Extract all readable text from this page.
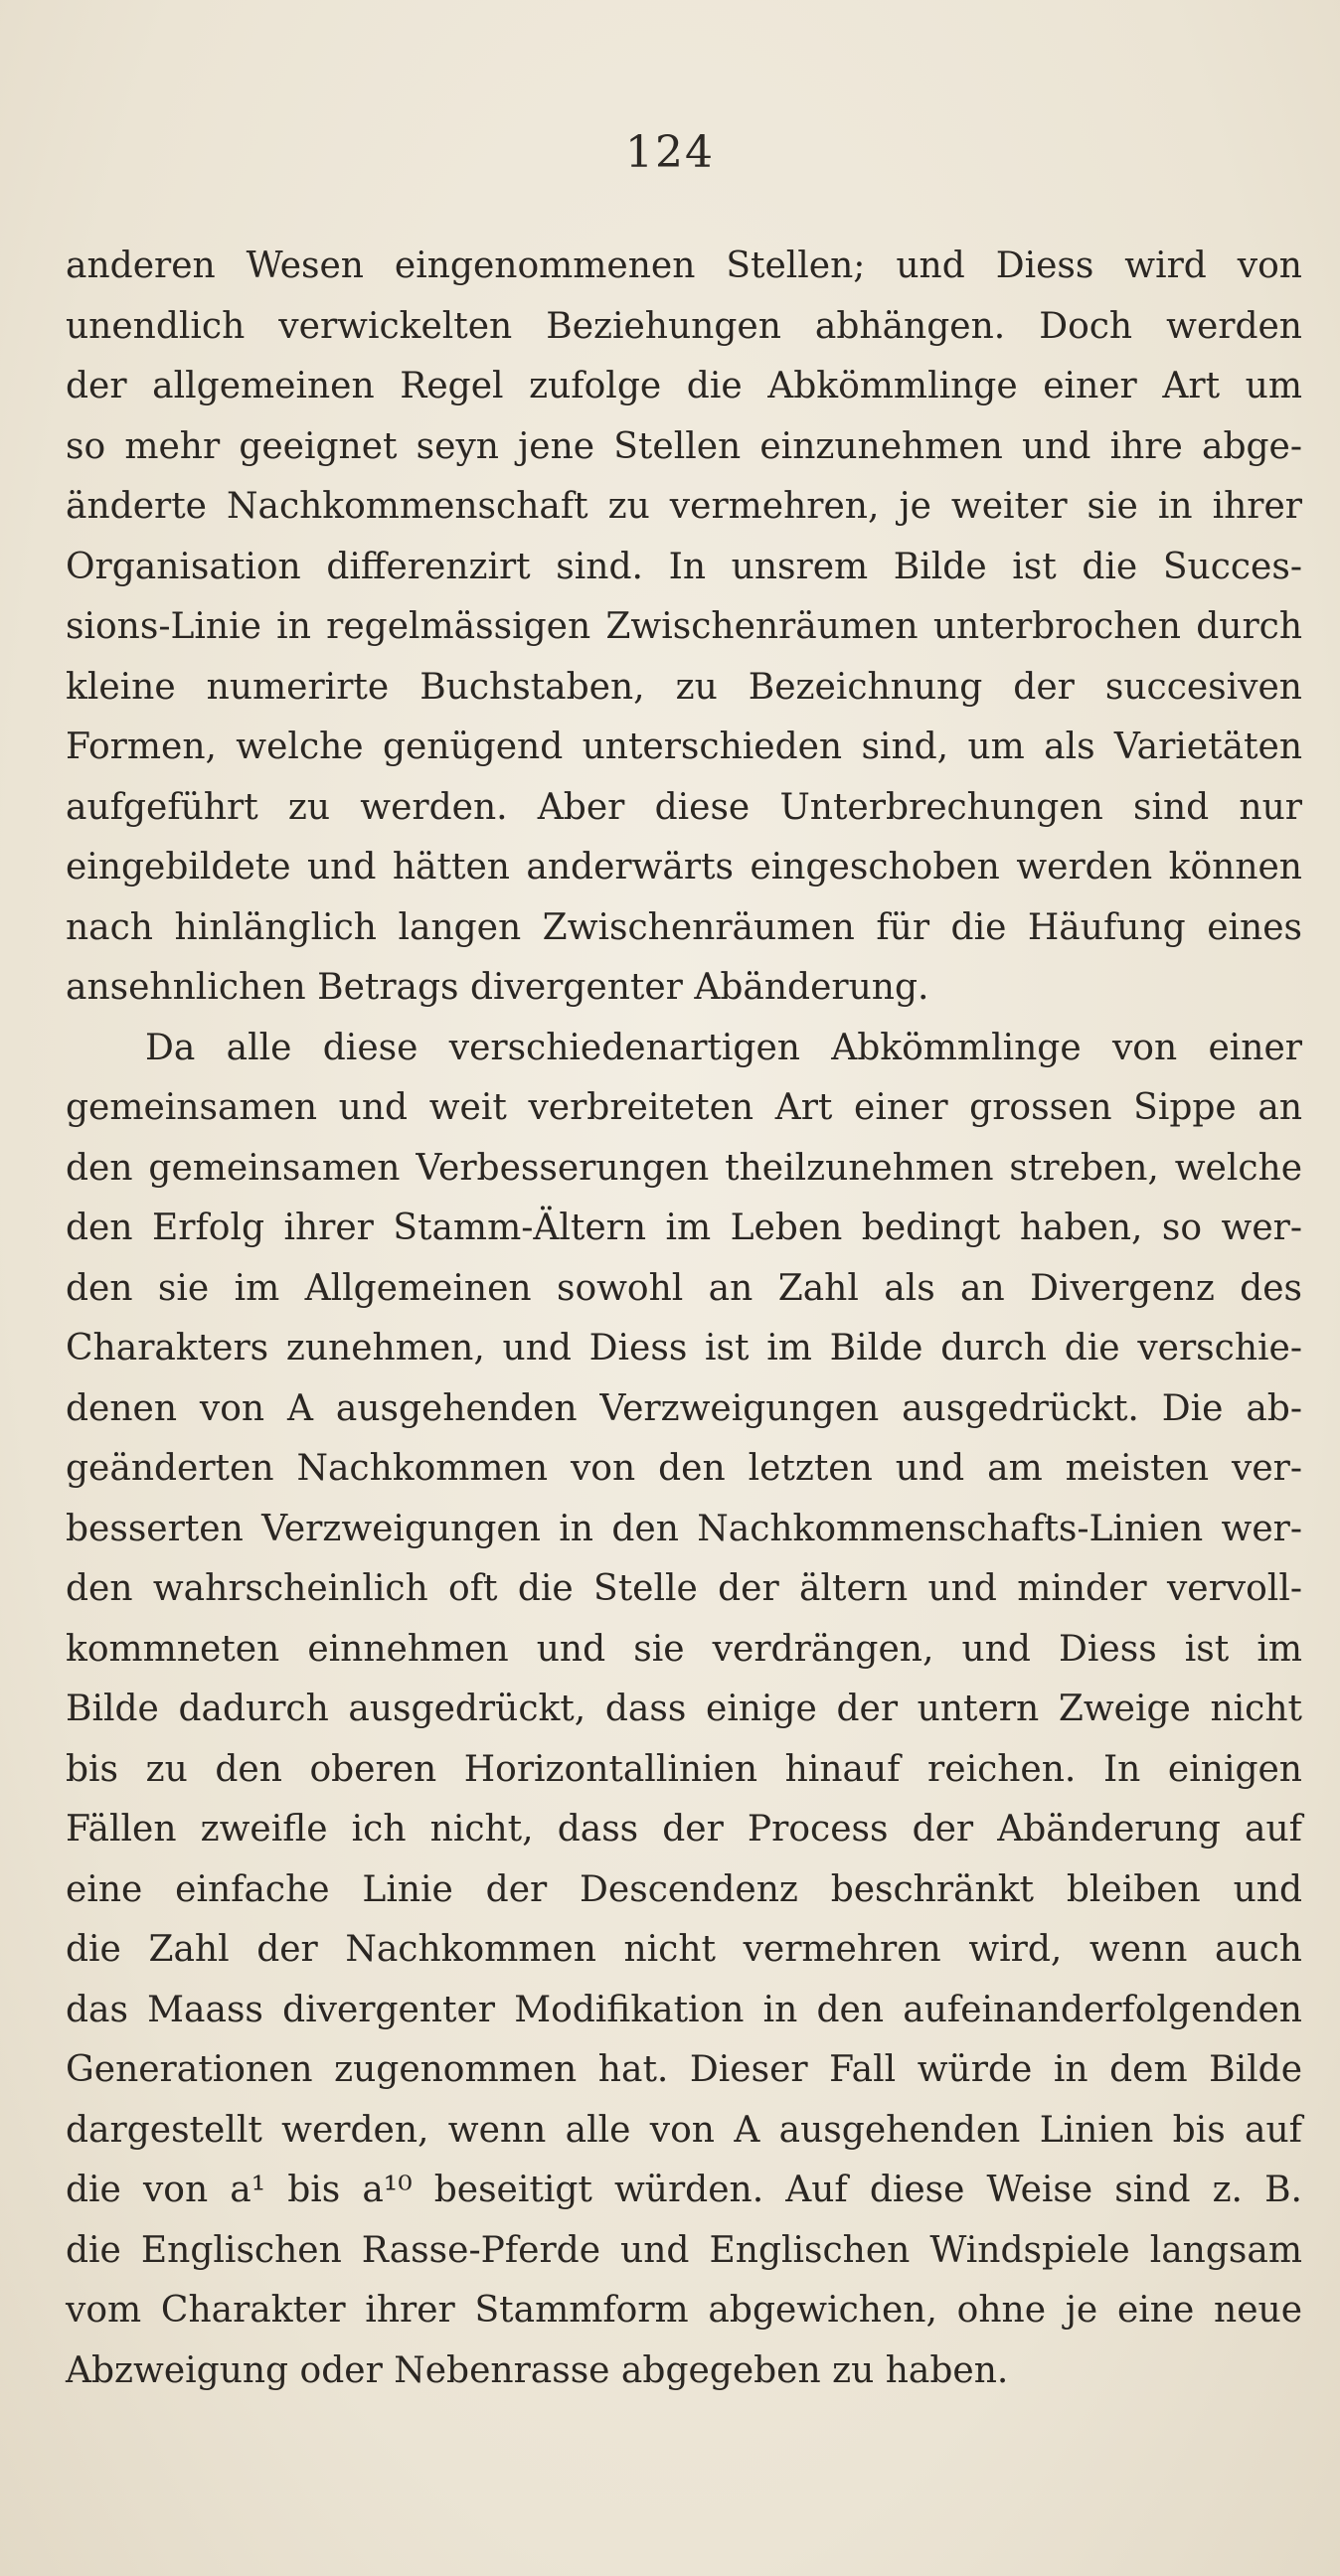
124
anderen Wesen eingenommenen Stellen; und Diess wird von
unendlich verwickelten Beziehungen abhängen. Doch werden
der allgemeinen Regel zufolge die Abkömmlinge einer Art um
so mehr geeignet seyn jene Stellen einzunehmen und ihre abge-
änderte Nachkommenschaft zu vermehren, je weiter sie in ihrer
Organisation differenzirt sind. In unsrem Bilde ist die Succes-
sions-Linie in regelmässigen Zwischenräumen unterbrochen durch
kleine numerirte Buchstaben, zu Bezeichnung der succesiven
Formen, welche genügend unterschieden sind, um als Varietäten
aufgeführt zu werden. Aber diese Unterbrechungen sind nur
eingebildete und hätten anderwärts eingeschoben werden können
nach hinlänglich langen Zwischenräumen für die Häufung eines
ansehnlichen Betrags divergenter Abänderung.
Da alle diese verschiedenartigen Abkömmlinge von einer
gemeinsamen und weit verbreiteten Art einer grossen Sippe an
den gemeinsamen Verbesserungen theilzunehmen streben, welche
den Erfolg ihrer Stamm-Ältern im Leben bedingt haben, so wer-
den sie im Allgemeinen sowohl an Zahl als an Divergenz des
Charakters zunehmen, und Diess ist im Bilde durch die verschie-
denen von A ausgehenden Verzweigungen ausgedrückt. Die ab-
geänderten Nachkommen von den letzten und am meisten ver-
besserten Verzweigungen in den Nachkommenschafts-Linien wer-
den wahrscheinlich oft die Stelle der ältern und minder vervoll-
kommneten einnehmen und sie verdrängen, und Diess ist im
Bilde dadurch ausgedrückt, dass einige der untern Zweige nicht
bis zu den oberen Horizontallinien hinauf reichen. In einigen
Fällen zweifle ich nicht, dass der Process der Abänderung auf
eine einfache Linie der Descendenz beschränkt bleiben und
die Zahl der Nachkommen nicht vermehren wird, wenn auch
das Maass divergenter Modifikation in den aufeinanderfolgenden
Generationen zugenommen hat. Dieser Fall würde in dem Bilde
dargestellt werden, wenn alle von A ausgehenden Linien bis auf
die von a¹ bis a¹⁰ beseitigt würden. Auf diese Weise sind z. B.
die Englischen Rasse-Pferde und Englischen Windspiele langsam
vom Charakter ihrer Stammform abgewichen, ohne je eine neue
Abzweigung oder Nebenrasse abgegeben zu haben.
